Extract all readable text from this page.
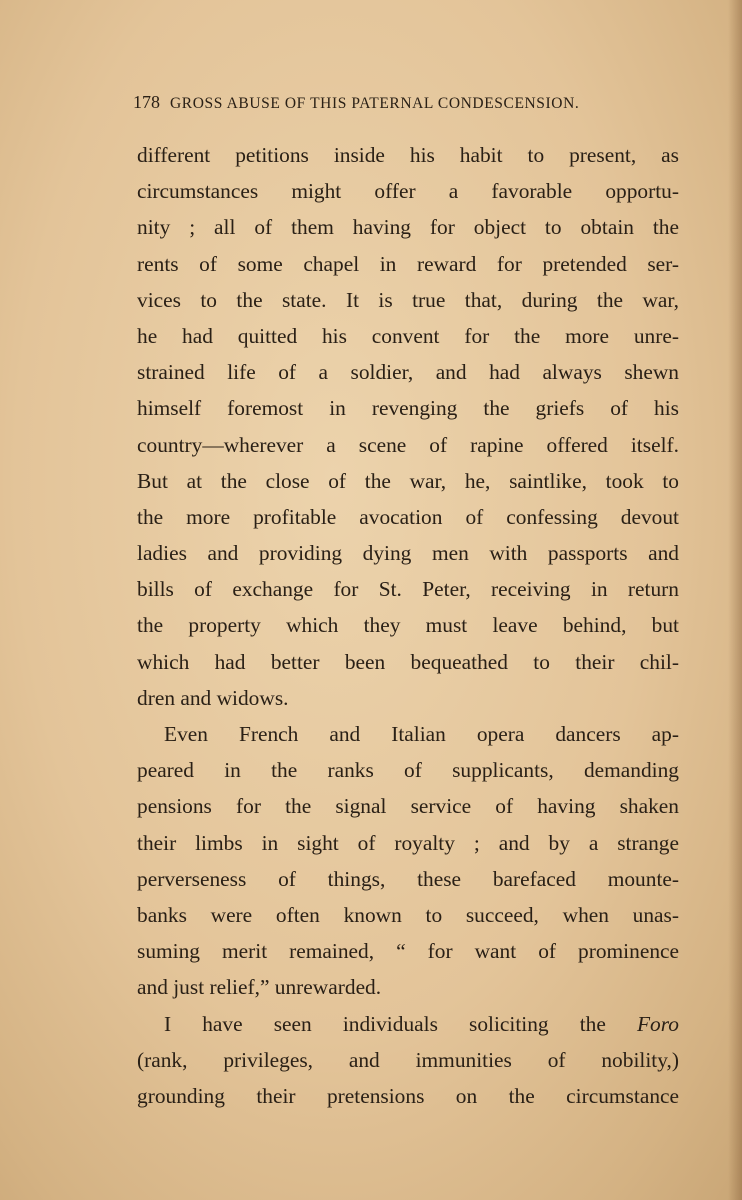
178 GROSS ABUSE OF THIS PATERNAL CONDESCENSION.
different petitions inside his habit to present, as
circumstances might offer a favorable opportu-
nity ; all of them having for object to obtain the
rents of some chapel in reward for pretended ser-
vices to the state. It is true that, during the war,
he had quitted his convent for the more unre-
strained life of a soldier, and had always shewn
himself foremost in revenging the griefs of his
country—wherever a scene of rapine offered itself.
But at the close of the war, he, saintlike, took to
the more profitable avocation of confessing devout
ladies and providing dying men with passports and
bills of exchange for St. Peter, receiving in return
the property which they must leave behind, but
which had better been bequeathed to their chil-
dren and widows.
Even French and Italian opera dancers ap-
peared in the ranks of supplicants, demanding
pensions for the signal service of having shaken
their limbs in sight of royalty ; and by a strange
perverseness of things, these barefaced mounte-
banks were often known to succeed, when unas-
suming merit remained, “ for want of prominence
and just relief,” unrewarded.
I have seen individuals soliciting the Foro
(rank, privileges, and immunities of nobility,)
grounding their pretensions on the circumstance
